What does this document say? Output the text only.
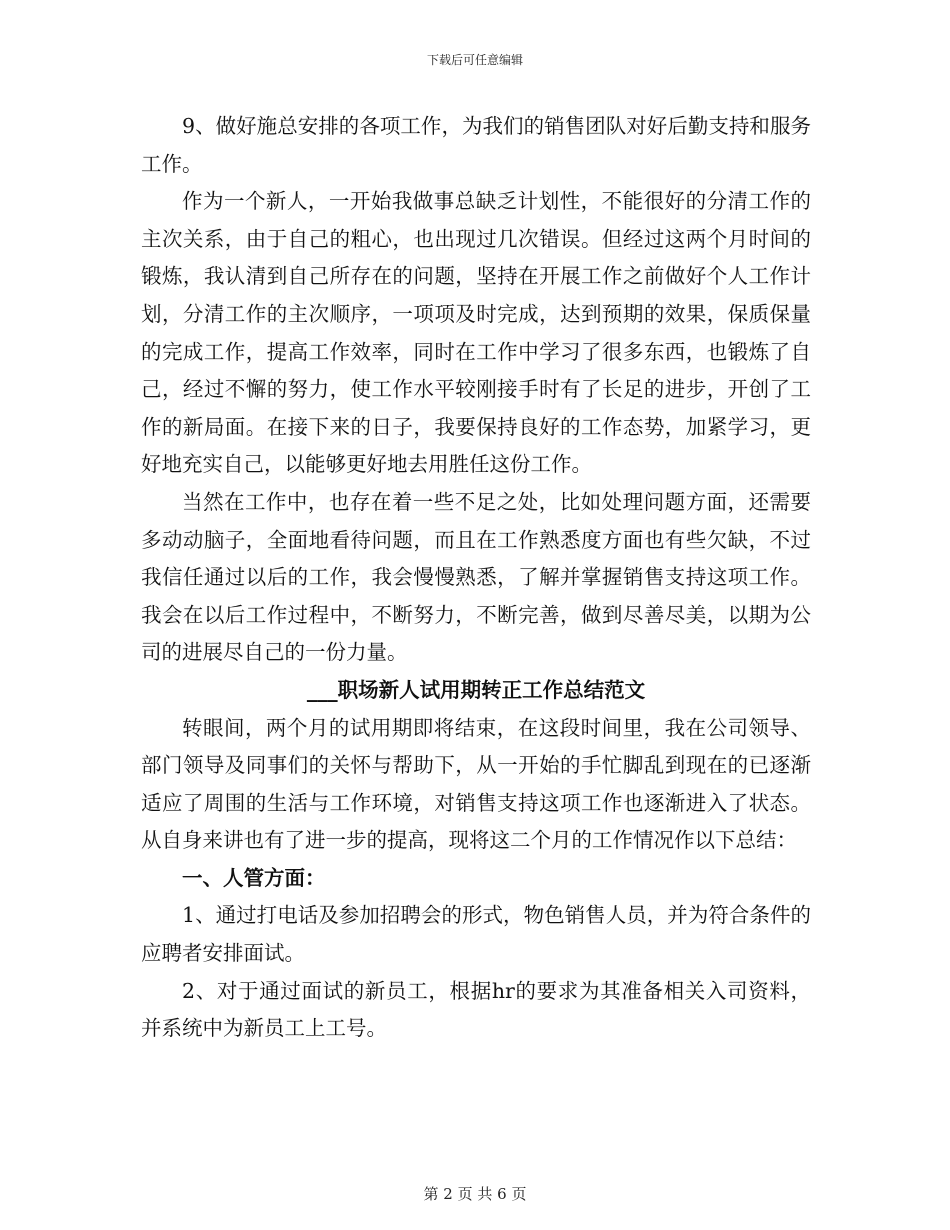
下载后可任意编辑

9、做好施总安排的各项工作，为我们的销售团队对好后勤支持和服务工作。

作为一个新人，一开始我做事总缺乏计划性，不能很好的分清工作的主次关系，由于自己的粗心，也出现过几次错误。但经过这两个月时间的锻炼，我认清到自己所存在的问题，坚持在开展工作之前做好个人工作计划，分清工作的主次顺序，一项项及时完成，达到预期的效果，保质保量的完成工作，提高工作效率，同时在工作中学习了很多东西，也锻炼了自己，经过不懈的努力，使工作水平较刚接手时有了长足的进步，开创了工作的新局面。在接下来的日子，我要保持良好的工作态势，加紧学习，更好地充实自己，以能够更好地去用胜任这份工作。

当然在工作中，也存在着一些不足之处，比如处理问题方面，还需要多动动脑子，全面地看待问题，而且在工作熟悉度方面也有些欠缺，不过我信任通过以后的工作，我会慢慢熟悉，了解并掌握销售支持这项工作。我会在以后工作过程中，不断努力，不断完善，做到尽善尽美，以期为公司的进展尽自己的一份力量。

___职场新人试用期转正工作总结范文

转眼间，两个月的试用期即将结束，在这段时间里，我在公司领导、部门领导及同事们的关怀与帮助下，从一开始的手忙脚乱到现在的已逐渐适应了周围的生活与工作环境，对销售支持这项工作也逐渐进入了状态。从自身来讲也有了进一步的提高，现将这二个月的工作情况作以下总结：

一、人管方面：

1、通过打电话及参加招聘会的形式，物色销售人员，并为符合条件的应聘者安排面试。

2、对于通过面试的新员工，根据hr的要求为其准备相关入司资料，并系统中为新员工上工号。

第 2 页 共 6 页
